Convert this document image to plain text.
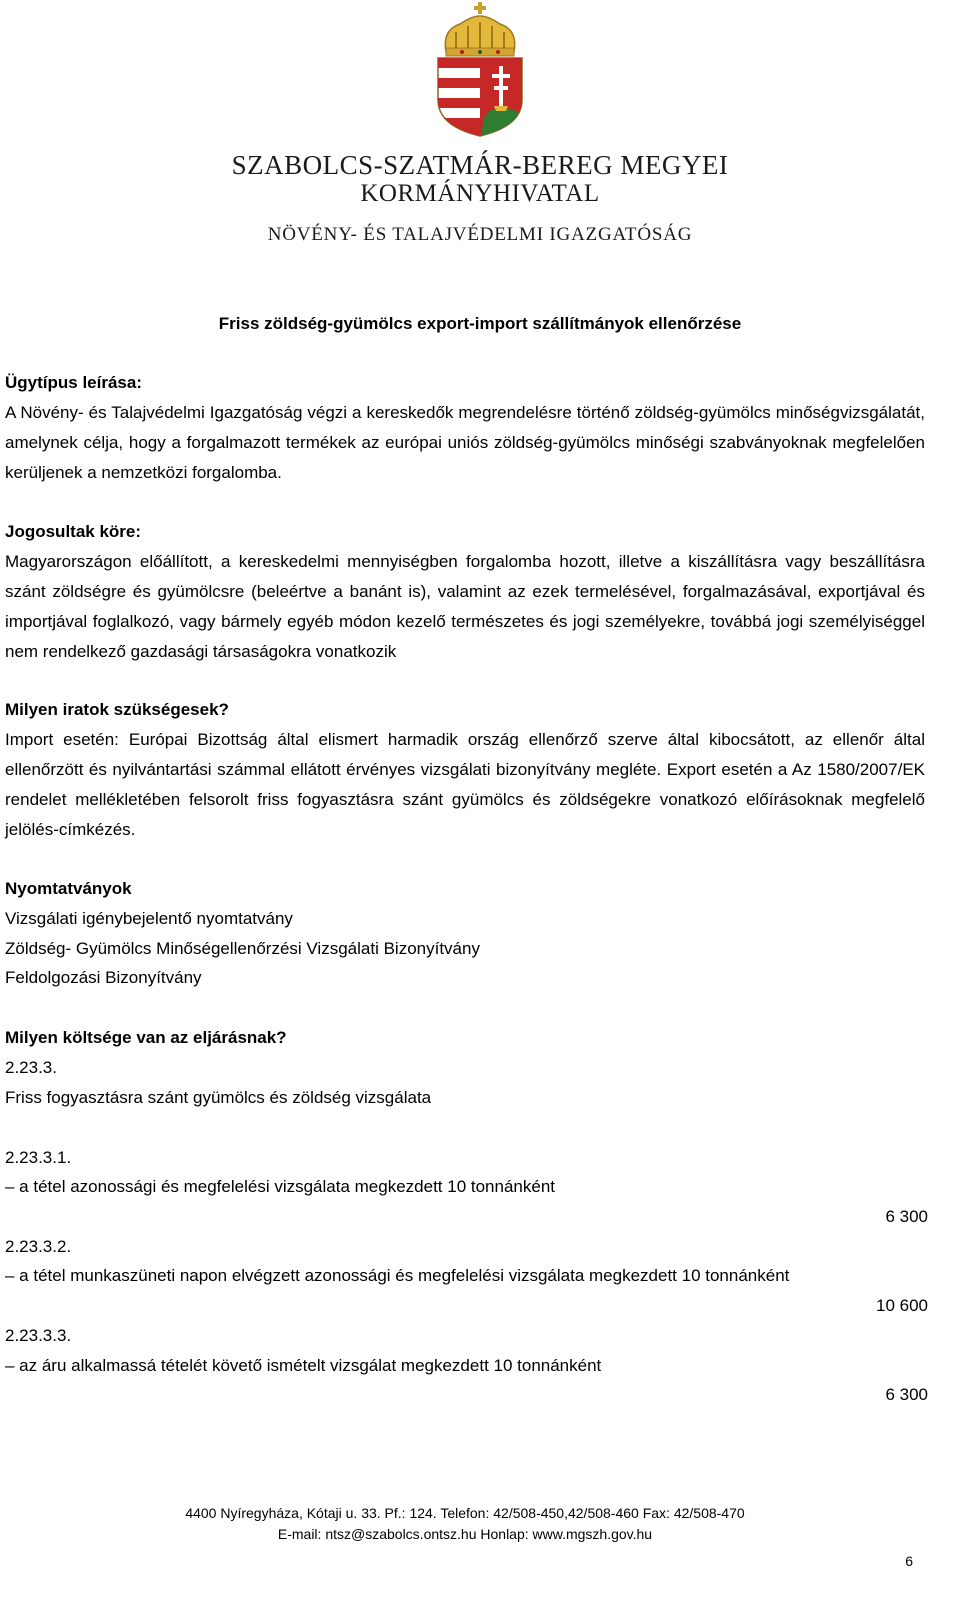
SZABOLCS-SZATMÁR-BEREG MEGYEI
KORMÁNYHIVATAL
NÖVÉNY- ÉS TALAJVÉDELMI IGAZGATÓSÁG
Friss zöldség-gyümölcs export-import szállítmányok ellenőrzése
Ügytípus leírása:
A Növény- és Talajvédelmi Igazgatóság végzi a kereskedők megrendelésre történő zöldség-gyümölcs minőségvizsgálatát, amelynek célja, hogy a forgalmazott termékek az európai uniós zöldség-gyümölcs minőségi szabványoknak megfelelően kerüljenek a nemzetközi forgalomba.
Jogosultak köre:
Magyarországon előállított, a kereskedelmi mennyiségben forgalomba hozott, illetve a kiszállításra vagy beszállításra szánt zöldségre és gyümölcsre (beleértve a banánt is), valamint az ezek termelésével, forgalmazásával, exportjával és importjával foglalkozó, vagy bármely egyéb módon kezelő természetes és jogi személyekre, továbbá jogi személyiséggel nem rendelkező gazdasági társaságokra vonatkozik
Milyen iratok szükségesek?
Import esetén: Európai Bizottság által elismert harmadik ország ellenőrző szerve által kibocsátott, az ellenőr által ellenőrzött és nyilvántartási számmal ellátott érvényes vizsgálati bizonyítvány megléte. Export esetén a Az 1580/2007/EK rendelet mellékletében felsorolt friss fogyasztásra szánt gyümölcs és zöldségekre vonatkozó előírásoknak megfelelő jelölés-címkézés.
Nyomtatványok
Vizsgálati igénybejelentő nyomtatvány
Zöldség- Gyümölcs Minőségellenőrzési Vizsgálati Bizonyítvány
Feldolgozási Bizonyítvány
Milyen költsége van az eljárásnak?
2.23.3.
Friss fogyasztásra szánt gyümölcs és zöldség vizsgálata
2.23.3.1.
– a tétel azonossági és megfelelési vizsgálata megkezdett 10 tonnánként
6 300
2.23.3.2.
– a tétel munkaszüneti napon elvégzett azonossági és megfelelési vizsgálata megkezdett 10 tonnánként
10 600
2.23.3.3.
– az áru alkalmassá tételét követő ismételt vizsgálat megkezdett 10 tonnánként
6 300
4400 Nyíregyháza, Kótaji u. 33. Pf.: 124. Telefon: 42/508-450,42/508-460 Fax: 42/508-470
E-mail: ntsz@szabolcs.ontsz.hu Honlap: www.mgszh.gov.hu
6
